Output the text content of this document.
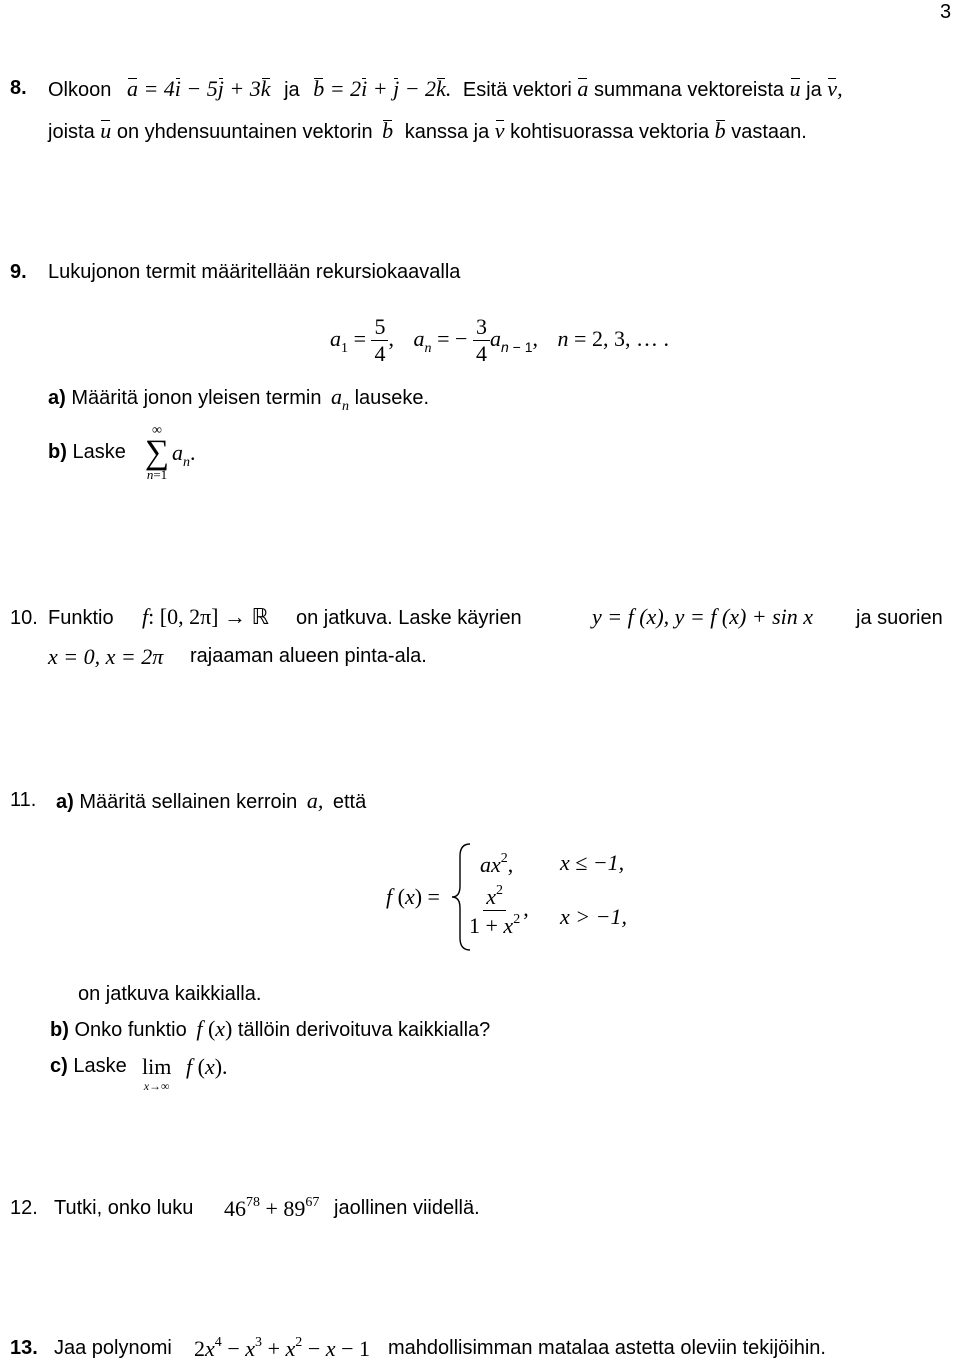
3
8. Olkoon a = 4i − 5j + 3k ja b = 2i + j − 2k. Esitä vektori a summana vektoreista u ja v,
joista u on yhdensuuntainen vektorin b kanssa ja v kohtisuorassa vektoria b vastaan.
9. Lukujonon termit määritellään rekursiokaavalla
$a_1 = \frac{5}{4}$ , $a_n$ = − $\frac{3}{4} a_{n - 1}$, n = 2, 3, … .
a) Määritä jonon yleisen termin $a_n$ lauseke.
b) Laske
∞
∑
n=1
$a_n$.
10. Funktio f: [0, 2π] → ℝ on jatkuva. Laske käyrien	y = f (x), y = f (x) + sin x ja suorien
x = 0, x = 2π rajaaman alueen pinta-ala.
11. a) Määritä sellainen kerroin a, että
f (x) =
$ax^2$, x ≤ −1,
$\frac{x^2}{1 + x^2}$ , x > −1,
on jatkuva kaikkialla.
b) Onko funktio f (x) tällöin derivoituva kaikkialla?
c) Laske lim
x→∞
f (x).
12. Tutki, onko luku $46^{78} + 89^{67}$ jaollinen viidellä.
13. Jaa polynomi $2x^4 - x^3 + x^2 - x - 1$ mahdollisimman matalaa astetta oleviin tekijöihin.
